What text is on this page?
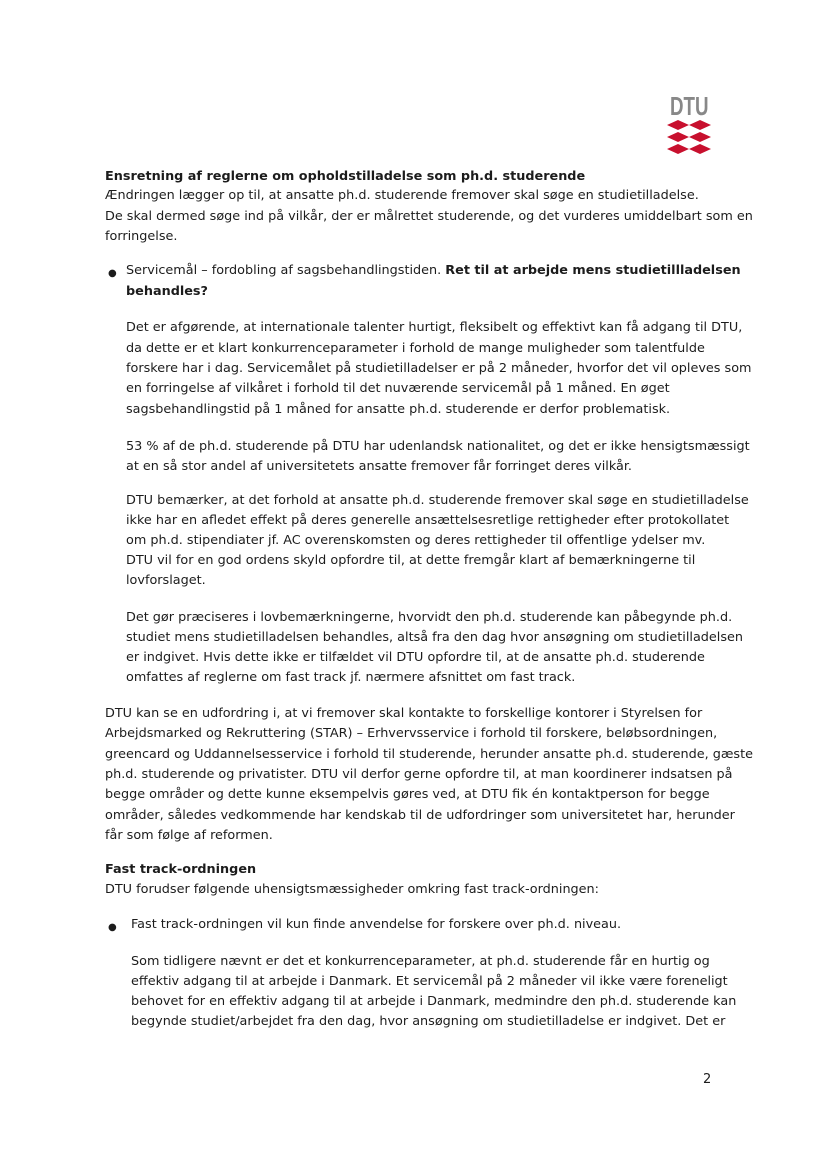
DTU
Ensretning af reglerne om opholdstilladelse som ph.d. studerende
Ændringen lægger op til, at ansatte ph.d. studerende fremover skal søge en studietilladelse.
De skal dermed søge ind på vilkår, der er målrettet studerende, og det vurderes umiddelbart som en
forringelse.
● Servicemål – fordobling af sagsbehandlingstiden. Ret til at arbejde mens studietillladelsen
behandles?
Det er afgørende, at internationale talenter hurtigt, fleksibelt og effektivt kan få adgang til DTU,
da dette er et klart konkurrenceparameter i forhold de mange muligheder som talentfulde
forskere har i dag. Servicemålet på studietilladelser er på 2 måneder, hvorfor det vil opleves som
en forringelse af vilkåret i forhold til det nuværende servicemål på 1 måned. En øget
sagsbehandlingstid på 1 måned for ansatte ph.d. studerende er derfor problematisk.
53 % af de ph.d. studerende på DTU har udenlandsk nationalitet, og det er ikke hensigtsmæssigt
at en så stor andel af universitetets ansatte fremover får forringet deres vilkår.
DTU bemærker, at det forhold at ansatte ph.d. studerende fremover skal søge en studietilladelse
ikke har en afledet effekt på deres generelle ansættelsesretlige rettigheder efter protokollatet
om ph.d. stipendiater jf. AC overenskomsten og deres rettigheder til offentlige ydelser mv.
DTU vil for en god ordens skyld opfordre til, at dette fremgår klart af bemærkningerne til
lovforslaget.
Det gør præciseres i lovbemærkningerne, hvorvidt den ph.d. studerende kan påbegynde ph.d.
studiet mens studietilladelsen behandles, altså fra den dag hvor ansøgning om studietilladelsen
er indgivet. Hvis dette ikke er tilfældet vil DTU opfordre til, at de ansatte ph.d. studerende
omfattes af reglerne om fast track jf. nærmere afsnittet om fast track.
DTU kan se en udfordring i, at vi fremover skal kontakte to forskellige kontorer i Styrelsen for
Arbejdsmarked og Rekruttering (STAR) – Erhvervsservice i forhold til forskere, beløbsordningen,
greencard og Uddannelsesservice i forhold til studerende, herunder ansatte ph.d. studerende, gæste
ph.d. studerende og privatister. DTU vil derfor gerne opfordre til, at man koordinerer indsatsen på
begge områder og dette kunne eksempelvis gøres ved, at DTU fik én kontaktperson for begge
områder, således vedkommende har kendskab til de udfordringer som universitetet har, herunder
får som følge af reformen.
Fast track-ordningen
DTU forudser følgende uhensigtsmæssigheder omkring fast track-ordningen:
● Fast track-ordningen vil kun finde anvendelse for forskere over ph.d. niveau.
Som tidligere nævnt er det et konkurrenceparameter, at ph.d. studerende får en hurtig og
effektiv adgang til at arbejde i Danmark. Et servicemål på 2 måneder vil ikke være foreneligt
behovet for en effektiv adgang til at arbejde i Danmark, medmindre den ph.d. studerende kan
begynde studiet/arbejdet fra den dag, hvor ansøgning om studietilladelse er indgivet. Det er
2
